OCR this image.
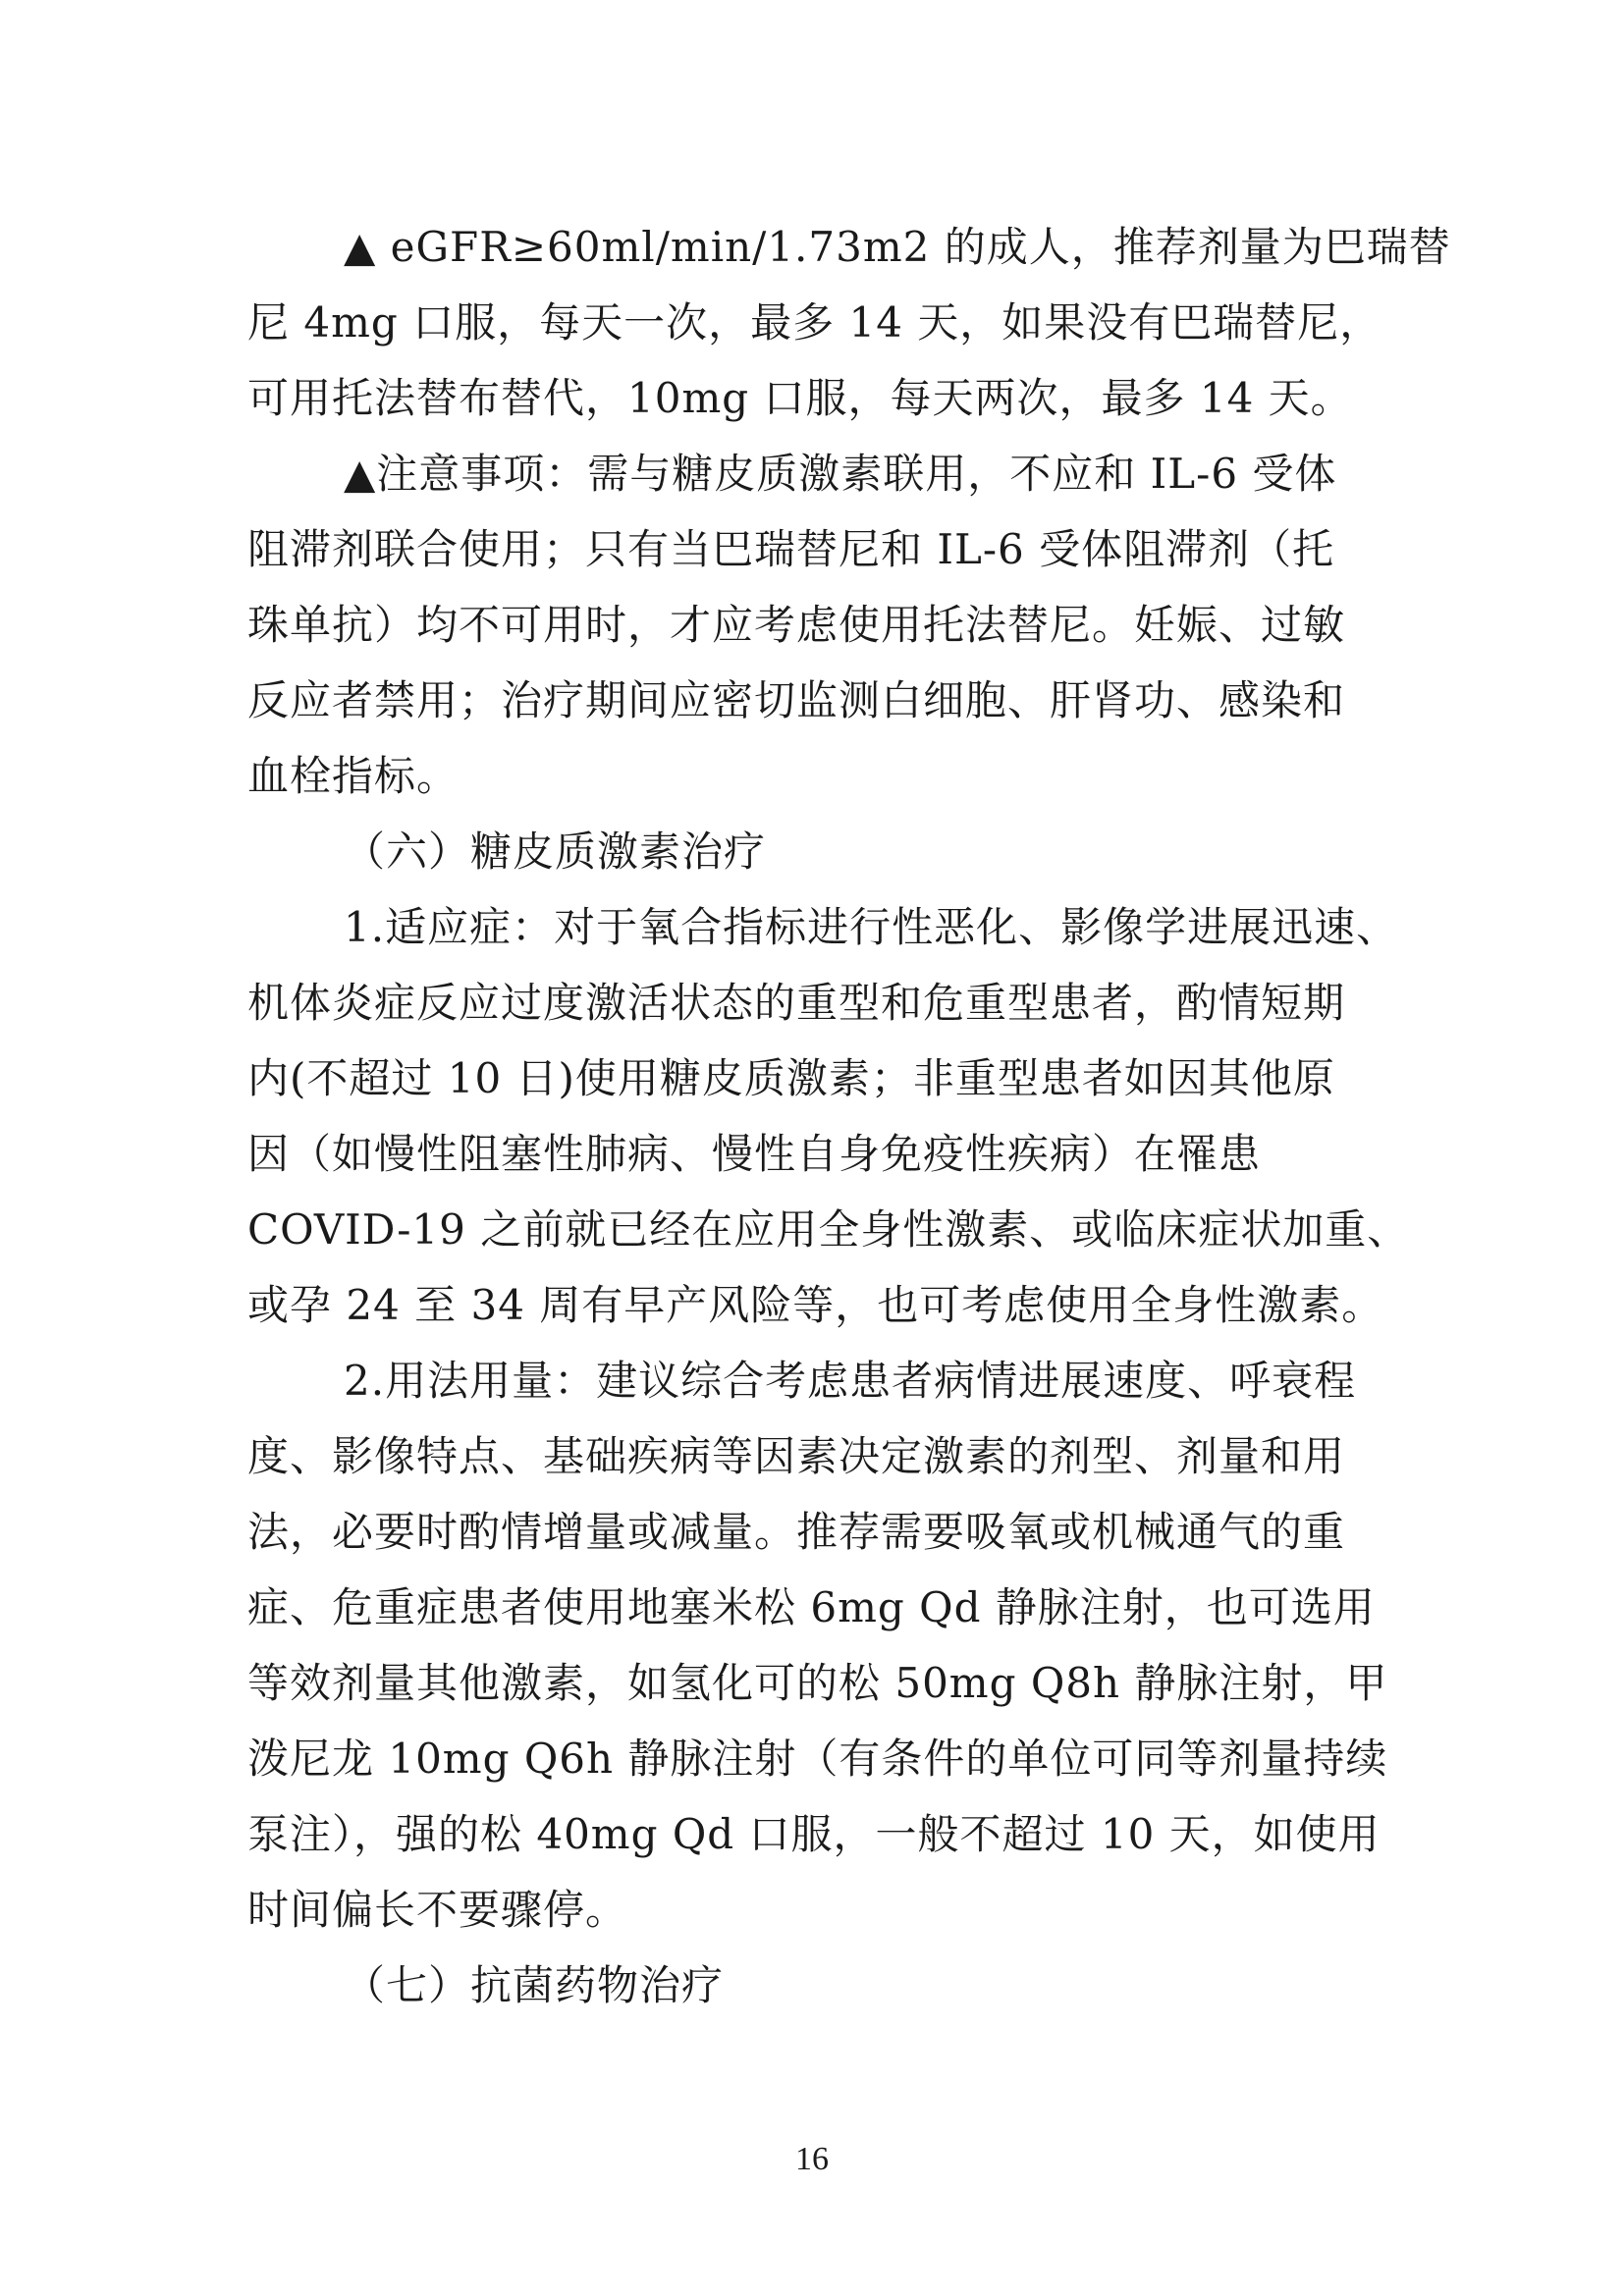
▲ eGFR≥60ml/min/1.73m2 的成人，推荐剂量为巴瑞替
尼 4mg 口服，每天一次，最多 14 天，如果没有巴瑞替尼，
可用托法替布替代，10mg 口服，每天两次，最多 14 天。
▲注意事项：需与糖皮质激素联用，不应和 IL-6 受体
阻滞剂联合使用；只有当巴瑞替尼和 IL-6 受体阻滞剂（托
珠单抗）均不可用时，才应考虑使用托法替尼。妊娠、过敏
反应者禁用；治疗期间应密切监测白细胞、肝肾功、感染和
血栓指标。
（六）糖皮质激素治疗
1.适应症：对于氧合指标进行性恶化、影像学进展迅速、
机体炎症反应过度激活状态的重型和危重型患者，酌情短期
内(不超过 10 日)使用糖皮质激素；非重型患者如因其他原
因（如慢性阻塞性肺病、慢性自身免疫性疾病）在罹患
COVID-19 之前就已经在应用全身性激素、或临床症状加重、
或孕 24 至 34 周有早产风险等，也可考虑使用全身性激素。
2.用法用量：建议综合考虑患者病情进展速度、呼衰程
度、影像特点、基础疾病等因素决定激素的剂型、剂量和用
法，必要时酌情增量或减量。推荐需要吸氧或机械通气的重
症、危重症患者使用地塞米松 6mg Qd 静脉注射，也可选用
等效剂量其他激素，如氢化可的松 50mg Q8h 静脉注射，甲
泼尼龙 10mg Q6h 静脉注射（有条件的单位可同等剂量持续
泵注），强的松 40mg Qd 口服，一般不超过 10 天，如使用
时间偏长不要骤停。
（七）抗菌药物治疗
16
